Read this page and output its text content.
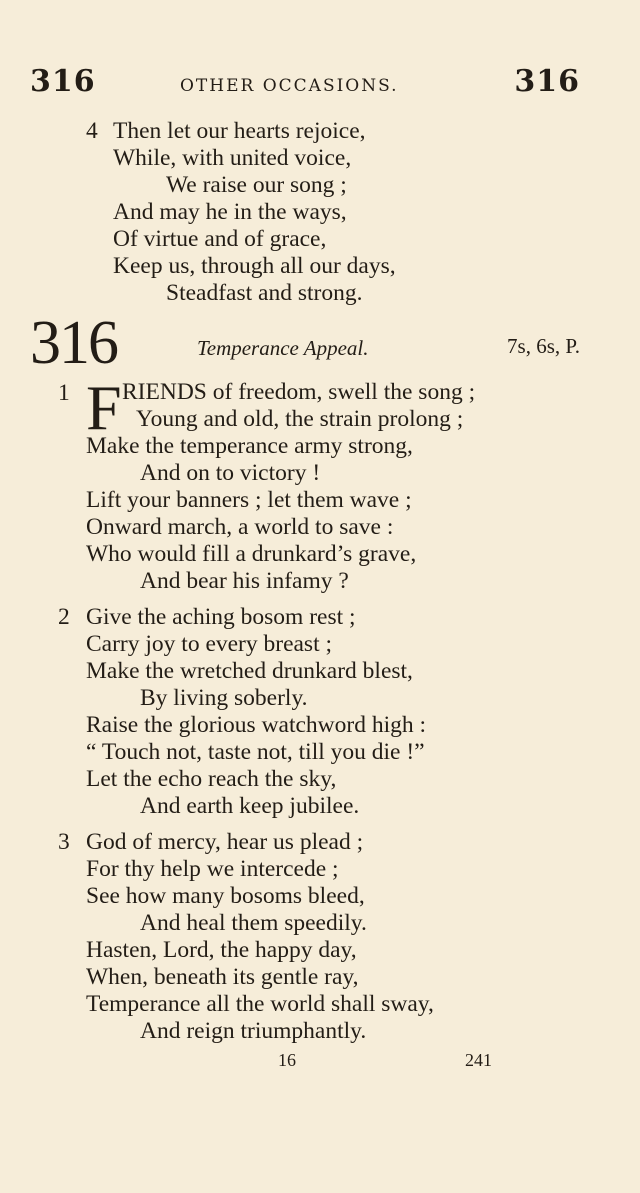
316	OTHER OCCASIONS.	316
4 Then let our hearts rejoice,
While, with united voice,
We raise our song ;
And may he in the ways,
Of virtue and of grace,
Keep us, through all our days,
Steadfast and strong.
316	Temperance Appeal.	7s, 6s, P.
1 F RIENDS of freedom, swell the song ;
Young and old, the strain prolong ;
Make the temperance army strong,
And on to victory !
Lift your banners ; let them wave ;
Onward march, a world to save :
Who would fill a drunkard’s grave,
And bear his infamy ?
2 Give the aching bosom rest ;
Carry joy to every breast ;
Make the wretched drunkard blest,
By living soberly.
Raise the glorious watchword high :
“ Touch not, taste not, till you die !”
Let the echo reach the sky,
And earth keep jubilee.
3 God of mercy, hear us plead ;
For thy help we intercede ;
See how many bosoms bleed,
And heal them speedily.
Hasten, Lord, the happy day,
When, beneath its gentle ray,
Temperance all the world shall sway,
And reign triumphantly.
16	241
